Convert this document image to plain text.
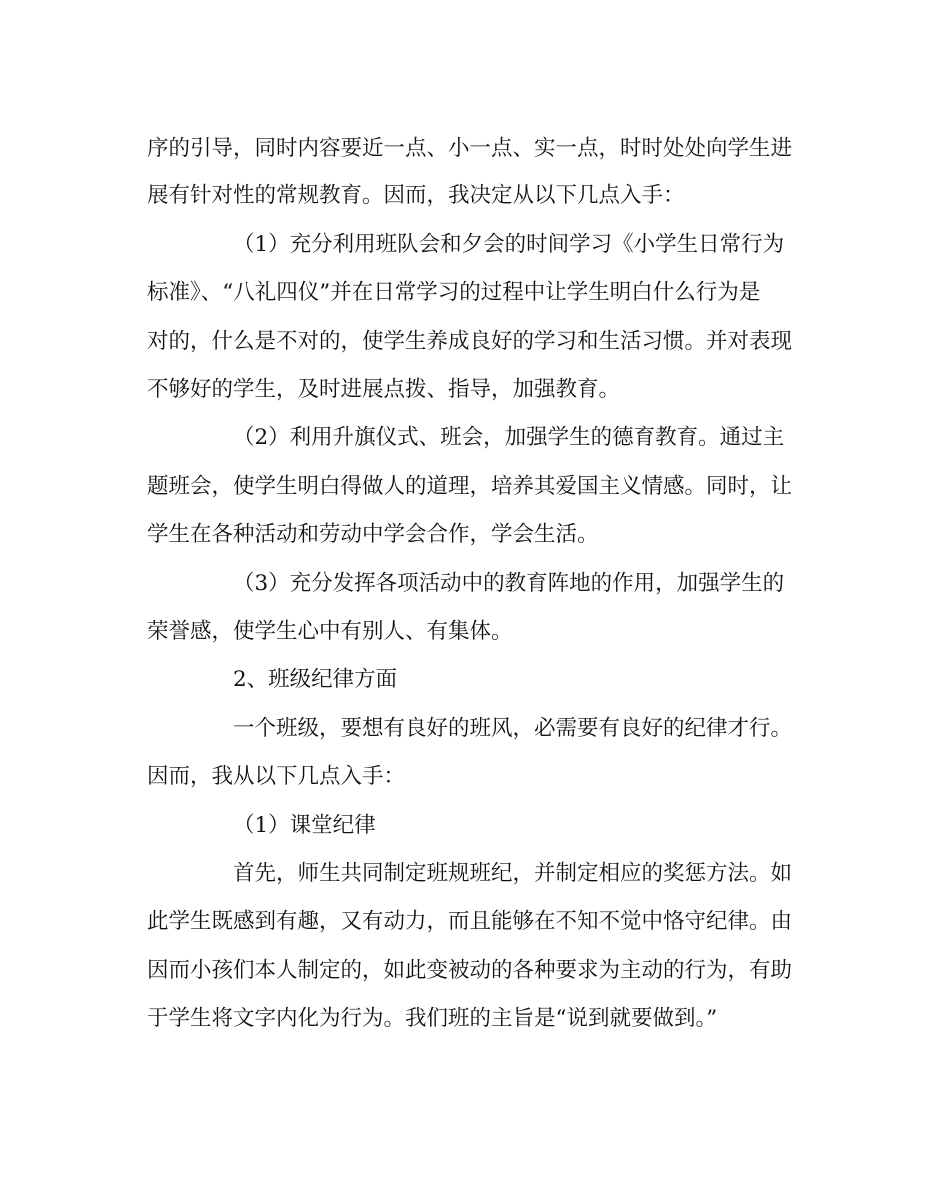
序的引导，同时内容要近一点、小一点、实一点，时时处处向学生进
展有针对性的常规教育。因而，我决定从以下几点入手：
（1）充分利用班队会和夕会的时间学习《小学生日常行为
标准》、“八礼四仪”并在日常学习的过程中让学生明白什么行为是
对的，什么是不对的，使学生养成良好的学习和生活习惯。并对表现
不够好的学生，及时进展点拨、指导，加强教育。
（2）利用升旗仪式、班会，加强学生的德育教育。通过主
题班会，使学生明白得做人的道理，培养其爱国主义情感。同时，让
学生在各种活动和劳动中学会合作，学会生活。
（3）充分发挥各项活动中的教育阵地的作用，加强学生的
荣誉感，使学生心中有别人、有集体。
2、班级纪律方面
一个班级，要想有良好的班风，必需要有良好的纪律才行。
因而，我从以下几点入手：
（1）课堂纪律
首先，师生共同制定班规班纪，并制定相应的奖惩方法。如
此学生既感到有趣，又有动力，而且能够在不知不觉中恪守纪律。由
因而小孩们本人制定的，如此变被动的各种要求为主动的行为，有助
于学生将文字内化为行为。我们班的主旨是“说到就要做到。”
